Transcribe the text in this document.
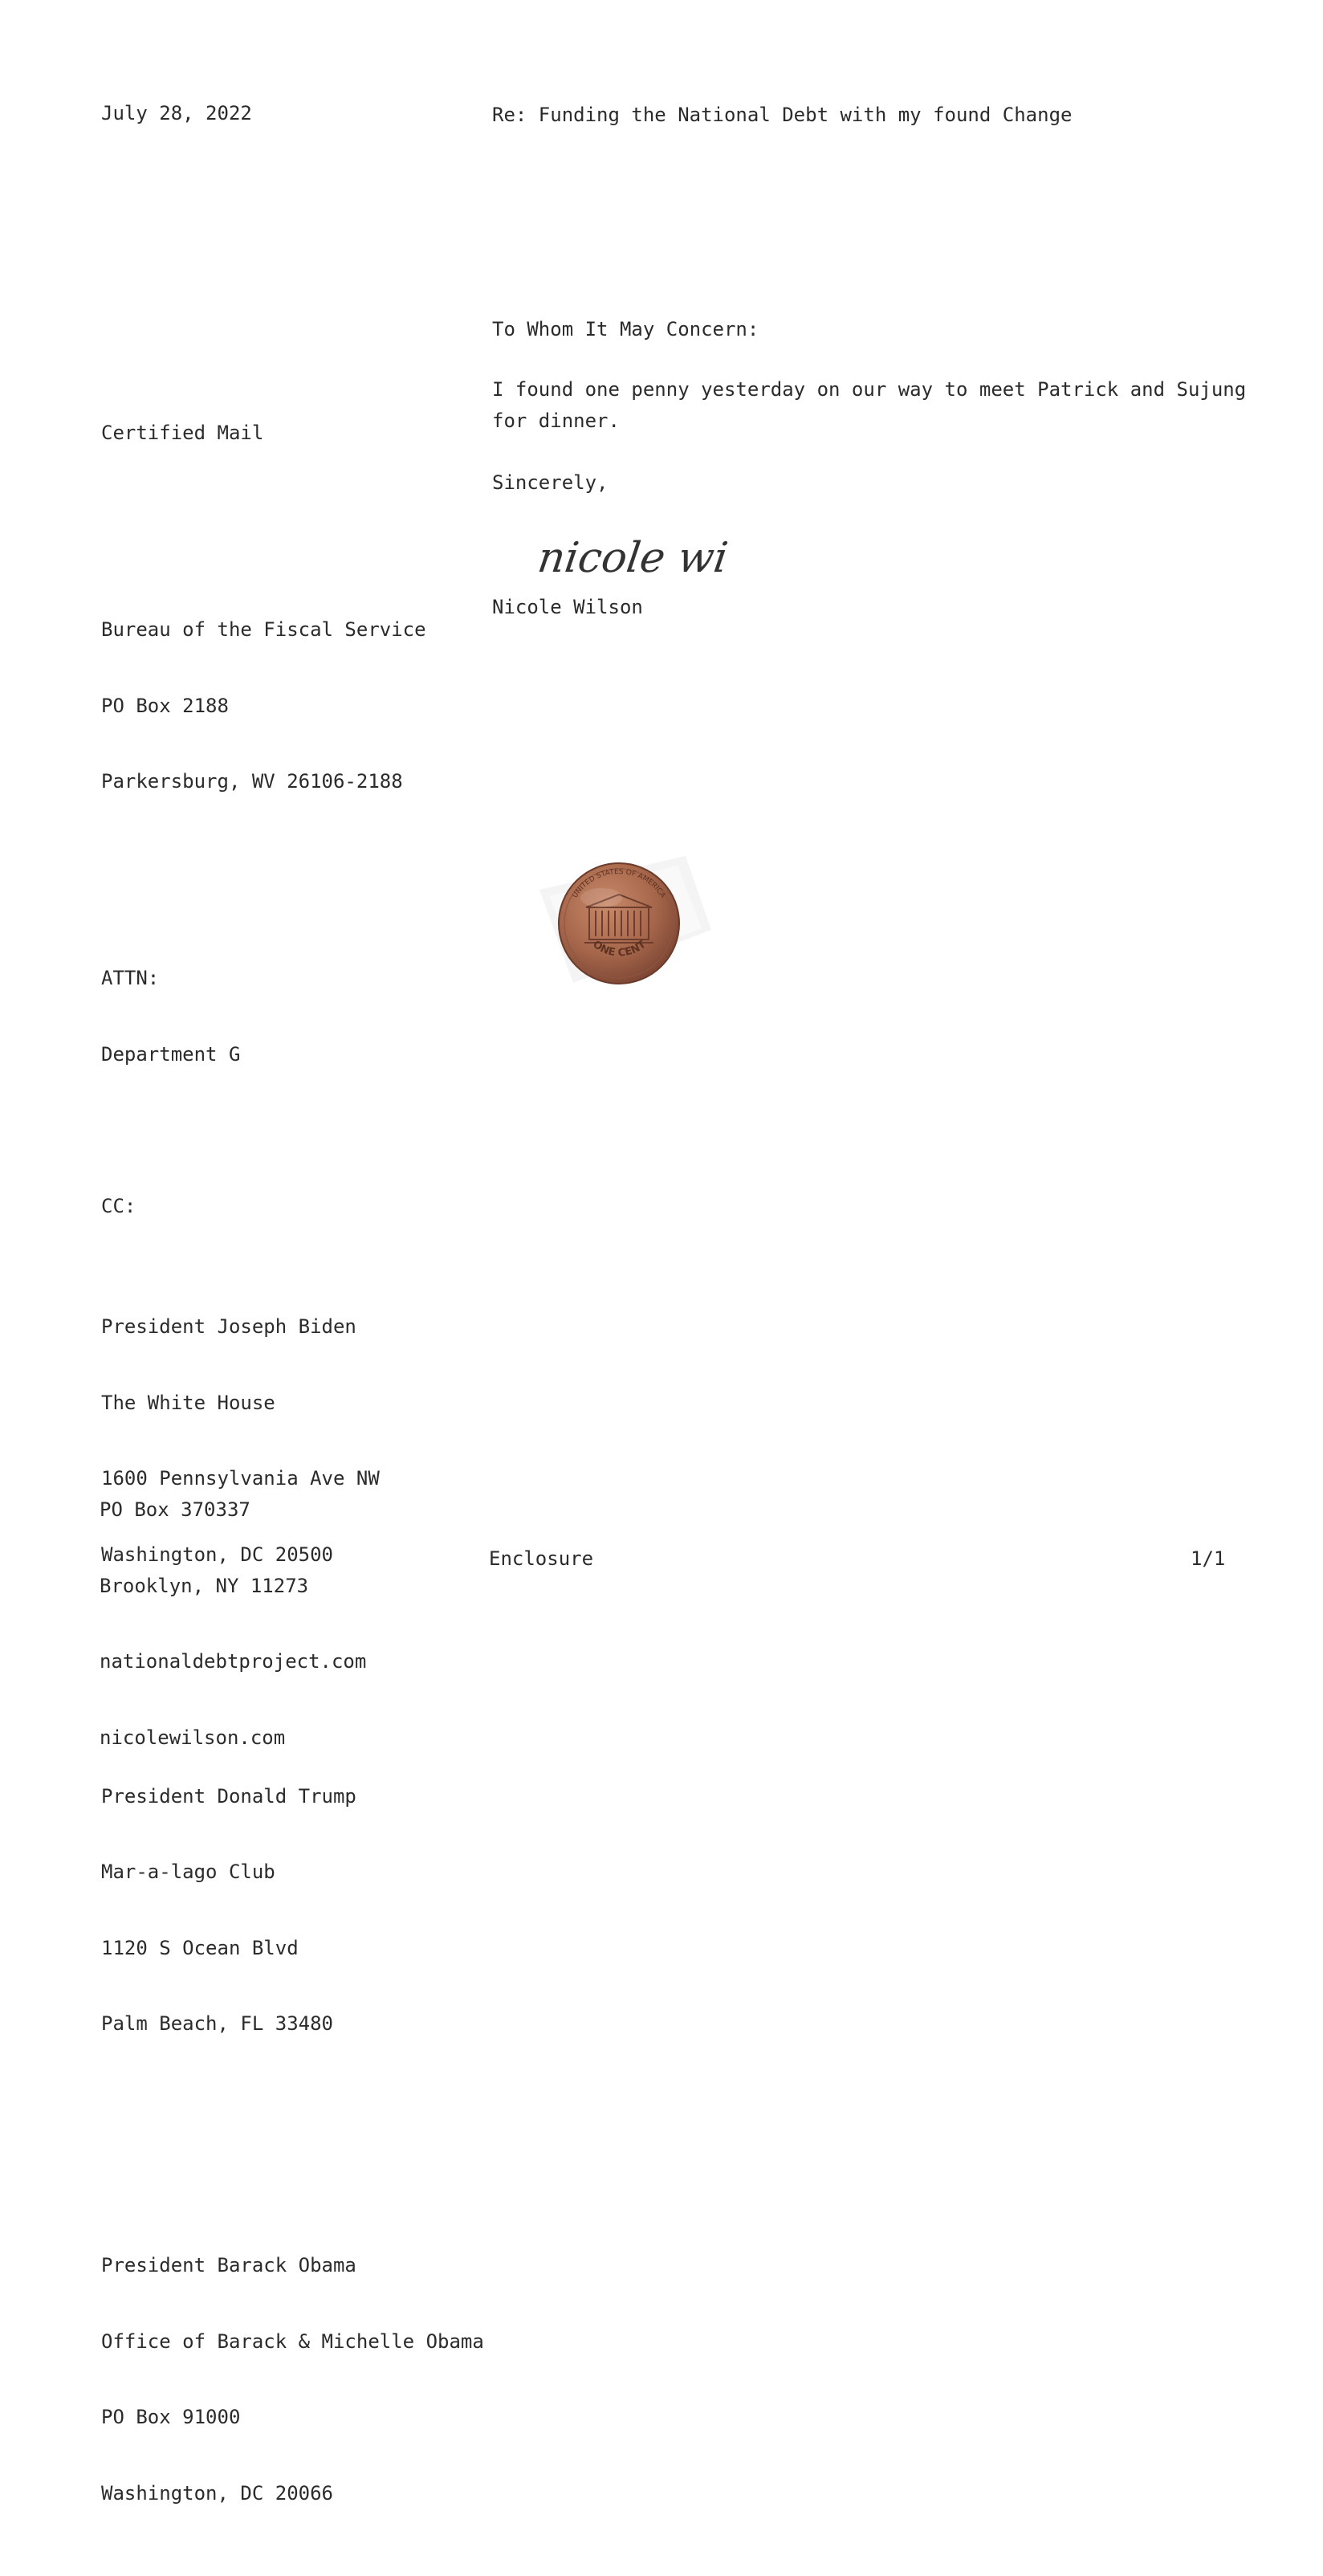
July 28, 2022	Re: Funding the National Debt with my found Change
To Whom It May Concern:
I found one penny yesterday on our way to meet Patrick and Sujung
for dinner.
Sincerely,

nicole wi

Nicole Wilson

Certified Mail

Bureau of the Fiscal Service

PO Box 2188

Parkersburg, WV 26106-2188

ATTN:

Department G

CC:

President Joseph Biden

The White House

1600 Pennsylvania Ave NW

Washington, DC 20500

President Donald Trump

Mar-a-lago Club

1120 S Ocean Blvd

Palm Beach, FL 33480

President Barack Obama

Office of Barack & Michelle Obama

PO Box 91000

Washington, DC 20066

UNITED STATES OF AMERICA
ONE CENT

PO Box 370337

Brooklyn, NY 11273

nationaldebtproject.com

nicolewilson.com

Enclosure	1/1
